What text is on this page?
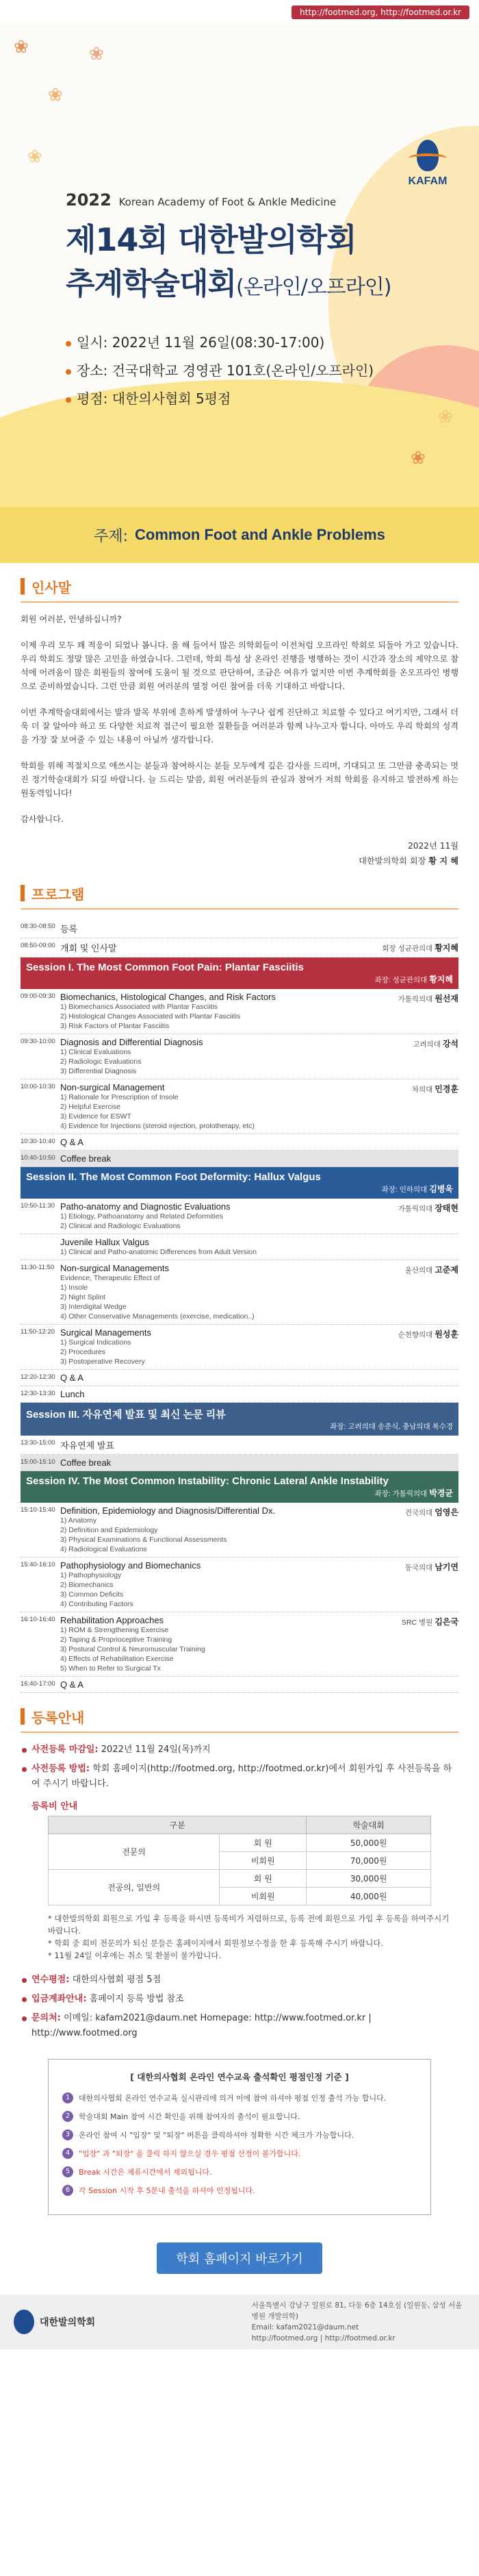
http://footmed.org, http://footmed.or.kr
❀
❀
❀
❀
❀
❀
KAFAM
2022 Korean Academy of Foot & Ankle Medicine
제14회 대한발의학회
추계학술대회(온라인/오프라인)
일시: 2022년 11월 26일(08:30-17:00)
장소: 건국대학교 경영관 101호(온라인/오프라인)
평점: 대한의사협회 5평점
주제: Common Foot and Ankle Problems
인사말

회원 여러분, 안녕하십니까?

이제 우리 모두 꽤 적응이 되었나 봅니다. 올 해 들어서 많은 의학회들이 이전처럼 오프라인 학회로 되돌아 가고 있습니다. 우리 학회도 정말 많은 고민을 하였습니다. 그런데, 학회 특성 상 온라인 진행을 병행하는 것이 시간과 장소의 제약으로 참석에 어려움이 많은 회원들의 참여에 도움이 될 것으로 판단하여, 조금은 여유가 없지만 이번 추계학회를 온오프라인 병행으로 준비하였습니다. 그런 만큼 회원 여러분의 열정 어린 참여를 더욱 기대하고 바랍니다.

이번 추계학술대회에서는 발과 발목 부위에 흔하게 발생하여 누구나 쉽게 진단하고 치료할 수 있다고 여기지만, 그래서 더욱 더 잘 알아야 하고 또 다양한 치료적 접근이 필요한 질환들을 여러분과 함께 나누고자 합니다. 아마도 우리 학회의 성격을 가장 잘 보여줄 수 있는 내용이 아닐까 생각합니다.

학회를 위해 적절치으로 애쓰시는 분들과 참여하시는 분들 모두에게 깊은 감사를 드리며, 기대되고 또 그만큼 충족되는 멋진 정기학술대회가 되길 바랍니다. 늘 드리는 말씀, 회원 여러분들의 관심과 참여가 저희 학회를 유지하고 발전하게 하는 원동력입니다!

감사합니다.

2022년 11월
대한발의학회 회장 황 지 혜
프로그램
08:30-08:50 등록
08:50-09:00 개회 및 인사말	회장 성균관의대 황지혜
Session I. The Most Common Foot Pain: Plantar Fasciitis
좌장: 성균관의대 황지혜
09:00-09:30 Biomechanics, Histological Changes, and Risk Factors
1) Biomechanics Associated with Plantar Fasciitis
2) Histological Changes Associated with Plantar Fasciitis
3) Risk Factors of Plantar Fasciitis
가톨릭의대 원선재
09:30-10:00 Diagnosis and Differential Diagnosis
1) Clinical Evaluations
2) Radiologic Evaluations
3) Differential Diagnosis
고려의대 강석
10:00-10:30 Non-surgical Management
1) Rationale for Prescription of Insole
2) Helpful Exercise
3) Evidence for ESWT
4) Evidence for Injections (steroid injection, prolotherapy, etc)
차의대 민경훈
10:30-10:40 Q & A
10:40-10:50 Coffee break
Session II. The Most Common Foot Deformity: Hallux Valgus
좌장: 인하의대 김병욱
10:50-11:30 Patho-anatomy and Diagnostic Evaluations
1) Etiology, Pathoanatomy and Related Deformities
2) Clinical and Radiologic Evaluations
가톨릭의대 장태현
Juvenile Hallux Valgus
1) Clinical and Patho-anatomic Differences from Adult Version
11:30-11:50 Non-surgical Managements
Evidence, Therapeutic Effect of
1) Insole
2) Night Splint
3) Interdigital Wedge
4) Other Conservative Managements (exercise, medication..)
울산의대 고준제
11:50-12:20 Surgical Managements
1) Surgical Indications
2) Procedures
3) Postoperative Recovery
순천향의대 원성훈
12:20-12:30 Q & A
12:30-13:30 Lunch
Session III. 자유연제 발표 및 최신 논문 리뷰
좌장: 고려의대 송준식, 충남의대 복수경
13:30-15:00 자유연제 발표
15:00-15:10 Coffee break
Session IV. The Most Common Instability: Chronic Lateral Ankle Instability
좌장: 가톨릭의대 박경균
15:10-15:40 Definition, Epidemiology and Diagnosis/Differential Dx.
1) Anatomy
2) Definition and Epidemiology
3) Physical Examinations & Functional Assessments
4) Radiological Evaluations
건국의대 엄영은
15:40-16:10 Pathophysiology and Biomechanics
1) Pathophysiology
2) Biomechanics
3) Common Deficits
4) Contributing Factors
동국의대 남기연
16:10-16:40 Rehabilitation Approaches
1) ROM & Strengthening Exercise
2) Taping & Proprioceptive Training
3) Postural Control & Neuromuscular Training
4) Effects of Rehabilitation Exercise
5) When to Refer to Surgical Tx
SRC 병원 김은국
16:40-17:00 Q & A
등록안내
사전등록 마감일: 2022년 11월 24일(목)까지
사전등록 방법: 학회 홈페이지(http://footmed.org, http://footmed.or.kr)에서 회원가입 후 사전등록을 하여 주시기 바랍니다.
등록비 안내
구분		학술대회
전문의	회 원	50,000원
	비회원	70,000원
전공의, 일반의	회 원	30,000원
	비회원	40,000원

* 대한발의학회 회원으로 가입 후 등록을 하시면 등록비가 저렴하므로, 등록 전에 회원으로 가입 후 등록을 하여주시기 바랍니다.

* 학회 중 회비 전문의가 되신 분들은 홈페이지에서 회원정보수정을 한 후 등록해 주시기 바랍니다.

* 11월 24일 이후에는 취소 및 환불이 불가합니다.

연수평점: 대한의사협회 평점 5점
입금계좌안내: 홈페이지 등록 방법 참조
문의처: 이메일: kafam2021@daum.net Homepage: http://www.footmed.or.kr | http://www.footmed.org
[ 대한의사협회 온라인 연수교육 출석확인 평점인정 기준 ]
1	대한의사협회 온라인 연수교육 실시관리에 의거 이에 참여 하셔야 평점 인정 출석 가능 합니다.
2	학술대회 Main 참여 시간 확인을 위해 참여자의 출석이 필요합니다.
3	온라인 참여 시 "입장" 및 "퇴장" 버튼을 클릭하셔야 정확한 시간 체크가 가능합니다.
4	"입장" 과 "퇴장" 을 클릭 하지 않으실 경우 평점 산정이 불가합니다.
5	Break 시간은 체류시간에서 제외됩니다.
6	각 Session 시작 후 5분내 출석을 하셔야 인정됩니다.
학회 홈페이지 바로가기
대한발의학회
서울특별시 강남구 일원로 81, 다동 6층 14호실 (일원동, 삼성 서울병원 개발의학)
Email: kafam2021@daum.net
http://footmed.org | http://footmed.or.kr
